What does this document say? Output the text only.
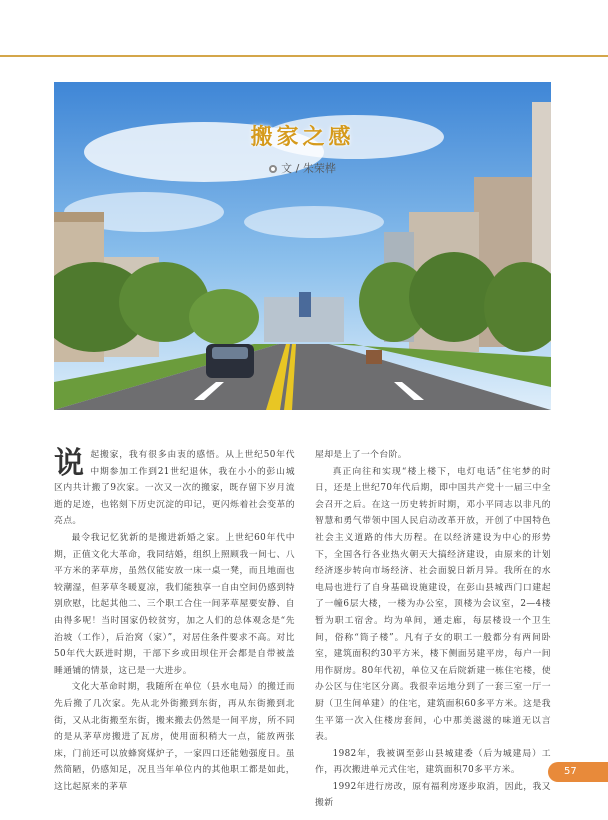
搬家之感
文 / 朱荣桦

说起搬家，我有很多由衷的感悟。从上世纪50年代中期参加工作到21世纪退休，我在小小的彭山城区内共计搬了9次家。一次又一次的搬家，既存留下岁月流逝的足迹，也铭刻下历史沉淀的印记，更闪烁着社会变革的亮点。

最令我记忆犹新的是搬进新婚之家。上世纪60年代中期，正值文化大革命，我同结婚，组织上照顾我一间七、八平方米的茅草房，虽然仅能安放一床一桌一凳，而且地面也较潮湿，但茅草冬暖夏凉，我们能独享一自由空间仍感到特别欣慰，比起其他二、三个职工合住一间茅草屋要安静、自由得多呢！当时国家仍较贫穷，加之人们的总体观念是“先治坡（工作），后治窝（家）”，对居住条件要求不高。对比50年代大跃进时期，干部下乡或田坝住开会都是自带被盖睡通铺的情景，这已是一大进步。

文化大革命时期，我随所在单位（县水电局）的搬迁而先后搬了几次家。先从北外街搬到东街，再从东街搬到北街，又从北街搬至东街，搬来搬去仍然是一间平房，所不同的是从茅草房搬进了瓦房，使用面积稍大一点，能放两张床，门前还可以放蜂窝煤炉子，一家四口还能勉强度日。虽然简陋，仍感知足，况且当年单位内的其他职工都是如此，这比起原来的茅草

屋却是上了一个台阶。

真正向往和实现“楼上楼下，电灯电话”住宅梦的时日，还是上世纪70年代后期，即中国共产党十一届三中全会召开之后。在这一历史转折时期，邓小平同志以非凡的智慧和勇气带领中国人民启动改革开放，开创了中国特色社会主义道路的伟大历程。在以经济建设为中心的形势下，全国各行各业热火朝天大搞经济建设，由原来的计划经济逐步转向市场经济、社会面貌日新月异。我所在的水电局也进行了自身基础设施建设，在彭山县城西门口建起了一幢6层大楼，一楼为办公室，顶楼为会议室，2—4楼暂为职工宿舍。均为单间，通走廊，每层楼设一个卫生间，俗称“筒子楼”。凡有子女的职工一般都分有两间卧室，建筑面积约30平方米，楼下侧面另建平房，每户一间用作厨房。80年代初，单位又在后院新建一栋住宅楼，使办公区与住宅区分离。我很幸运地分到了一套三室一厅一厨（卫生间单建）的住宅，建筑面积60多平方米。这是我生平第一次入住楼房套间，心中那美滋滋的味道无以言表。

1982年，我被调至彭山县城建委（后为城建局）工作，再次搬进单元式住宅，建筑面积70多平方米。

1992年进行房改，原有福利房逐步取消，因此，我又搬新

57
